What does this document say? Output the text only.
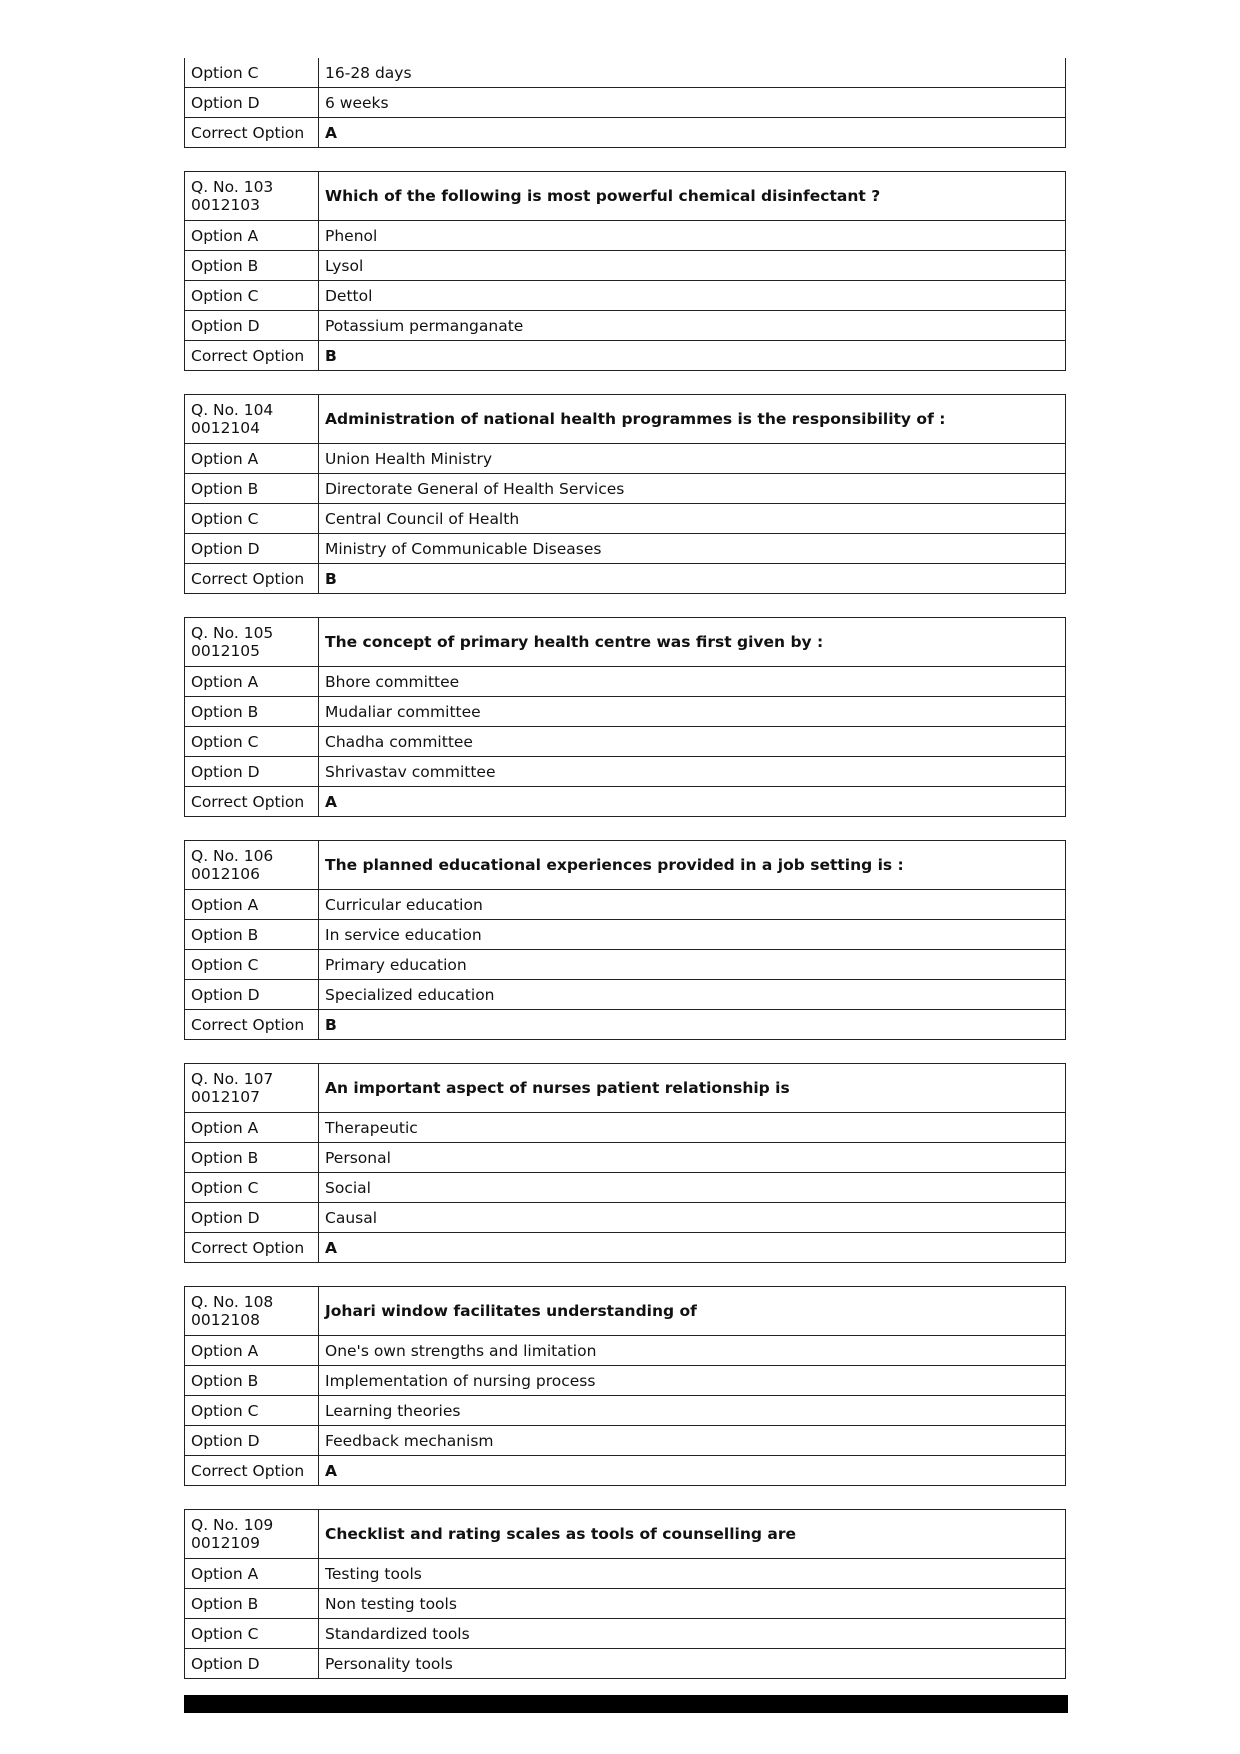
Option C	16-28 days
Option D	6 weeks
Correct Option	A
Q. No. 103
0012103	Which of the following is most powerful chemical disinfectant ?
Option A	Phenol
Option B	Lysol
Option C	Dettol
Option D	Potassium permanganate
Correct Option	B
Q. No. 104
0012104	Administration of national health programmes is the responsibility of :
Option A	Union Health Ministry
Option B	Directorate General of Health Services
Option C	Central Council of Health
Option D	Ministry of Communicable Diseases
Correct Option	B
Q. No. 105
0012105	The concept of primary health centre was first given by :
Option A	Bhore committee
Option B	Mudaliar committee
Option C	Chadha committee
Option D	Shrivastav committee
Correct Option	A
Q. No. 106
0012106	The planned educational experiences provided in a job setting is :
Option A	Curricular education
Option B	In service education
Option C	Primary education
Option D	Specialized education
Correct Option	B
Q. No. 107
0012107	An important aspect of nurses patient relationship is
Option A	Therapeutic
Option B	Personal
Option C	Social
Option D	Causal
Correct Option	A
Q. No. 108
0012108	Johari window facilitates understanding of
Option A	One's own strengths and limitation
Option B	Implementation of nursing process
Option C	Learning theories
Option D	Feedback mechanism
Correct Option	A
Q. No. 109
0012109	Checklist and rating scales as tools of counselling are
Option A	Testing tools
Option B	Non testing tools
Option C	Standardized tools
Option D	Personality tools
